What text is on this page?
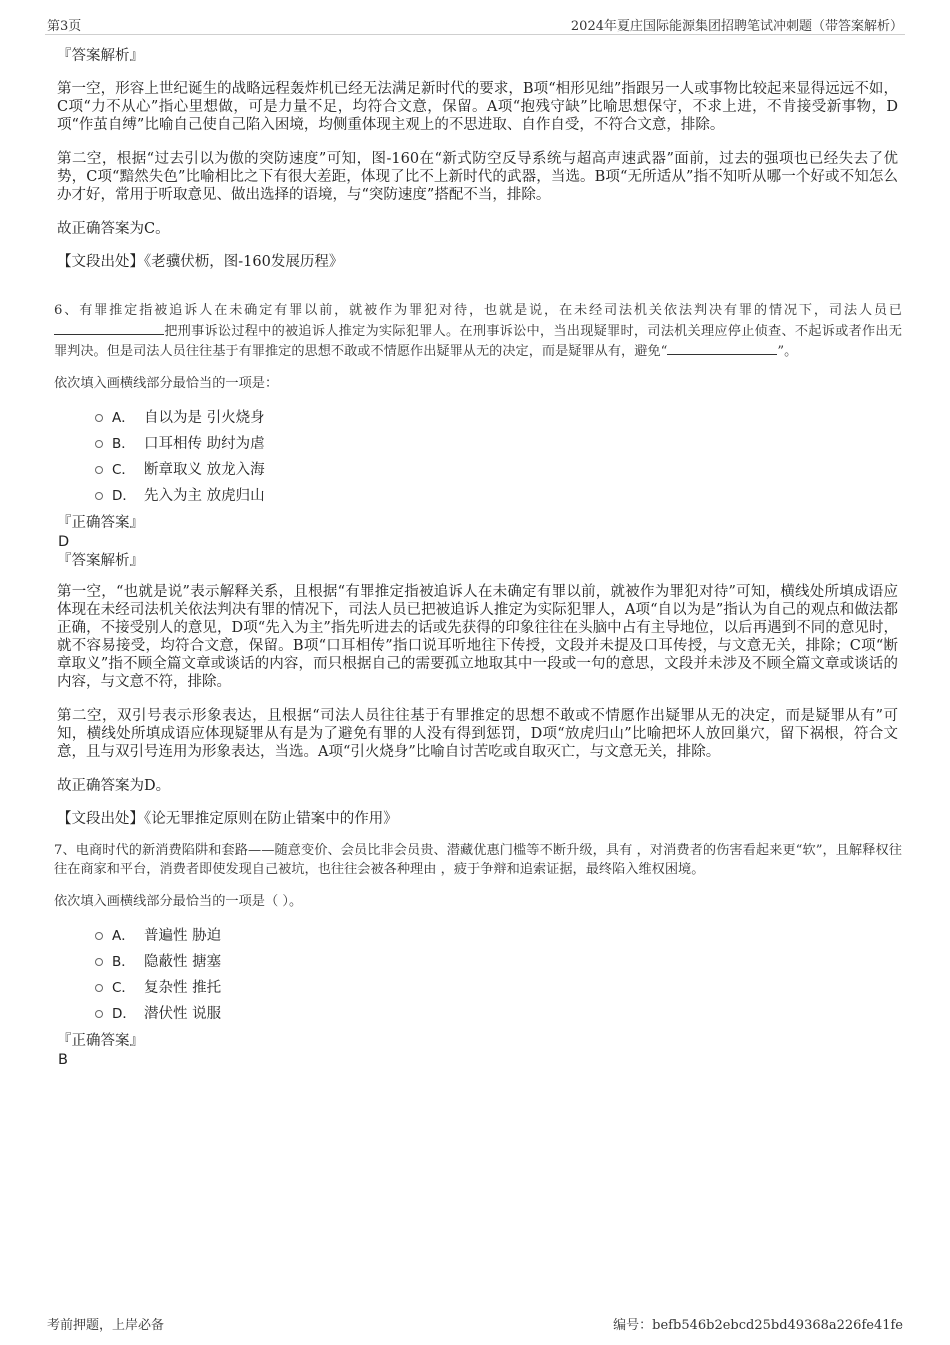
第3页	2024年夏庄国际能源集团招聘笔试冲刺题（带答案解析）

『答案解析』

第一空，形容上世纪诞生的战略远程轰炸机已经无法满足新时代的要求，B项“相形见绌”指跟另一人或事物比较起来显得远远不如，C项“力不从心”指心里想做，可是力量不足，均符合文意，保留。A项“抱残守缺”比喻思想保守，不求上进，不肯接受新事物，D项“作茧自缚”比喻自己使自己陷入困境，均侧重体现主观上的不思进取、自作自受，不符合文意，排除。

第二空，根据“过去引以为傲的突防速度”可知，图-160在“新式防空反导系统与超高声速武器”面前，过去的强项也已经失去了优势，C项“黯然失色”比喻相比之下有很大差距，体现了比不上新时代的武器，当选。B项“无所适从”指不知听从哪一个好或不知怎么办才好，常用于听取意见、做出选择的语境，与“突防速度”搭配不当，排除。

故正确答案为C。

【文段出处】《老骥伏枥，图-160发展历程》

6、有罪推定指被追诉人在未确定有罪以前，就被作为罪犯对待，也就是说，在未经司法机关依法判决有罪的情况下，司法人员已把刑事诉讼过程中的被追诉人推定为实际犯罪人。在刑事诉讼中，当出现疑罪时，司法机关理应停止侦查、不起诉或者作出无罪判决。但是司法人员往往基于有罪推定的思想不敢或不情愿作出疑罪从无的决定，而是疑罪从有，避免“	”。

依次填入画横线部分最恰当的一项是：

A． 自以为是 引火烧身
B． 口耳相传 助纣为虐
C． 断章取义 放龙入海
D． 先入为主 放虎归山

『正确答案』

D

『答案解析』

第一空，“也就是说”表示解释关系，且根据“有罪推定指被追诉人在未确定有罪以前，就被作为罪犯对待”可知，横线处所填成语应体现在未经司法机关依法判决有罪的情况下，司法人员已把被追诉人推定为实际犯罪人，A项“自以为是”指认为自己的观点和做法都正确，不接受别人的意见，D项“先入为主”指先听进去的话或先获得的印象往往在头脑中占有主导地位，以后再遇到不同的意见时，就不容易接受，均符合文意，保留。B项“口耳相传”指口说耳听地往下传授，文段并未提及口耳传授，与文意无关，排除；C项“断章取义”指不顾全篇文章或谈话的内容，而只根据自己的需要孤立地取其中一段或一句的意思，文段并未涉及不顾全篇文章或谈话的内容，与文意不符，排除。

第二空，双引号表示形象表达，且根据“司法人员往往基于有罪推定的思想不敢或不情愿作出疑罪从无的决定，而是疑罪从有”可知，横线处所填成语应体现疑罪从有是为了避免有罪的人没有得到惩罚，D项“放虎归山”比喻把坏人放回巢穴，留下祸根，符合文意，且与双引号连用为形象表达，当选。A项“引火烧身”比喻自讨苦吃或自取灭亡，与文意无关，排除。

故正确答案为D。

【文段出处】《论无罪推定原则在防止错案中的作用》

7、电商时代的新消费陷阱和套路——随意变价、会员比非会员贵、潜藏优惠门槛等不断升级，具有 ，对消费者的伤害看起来更“软”，且解释权往往在商家和平台，消费者即使发现自己被坑，也往往会被各种理由 ，疲于争辩和追索证据，最终陷入维权困境。

依次填入画横线部分最恰当的一项是（ ）。

A． 普遍性 胁迫
B． 隐蔽性 搪塞
C． 复杂性 推托
D． 潜伏性 说服

『正确答案』

B

考前押题，上岸必备	编号：befb546b2ebcd25bd49368a226fe41fe
